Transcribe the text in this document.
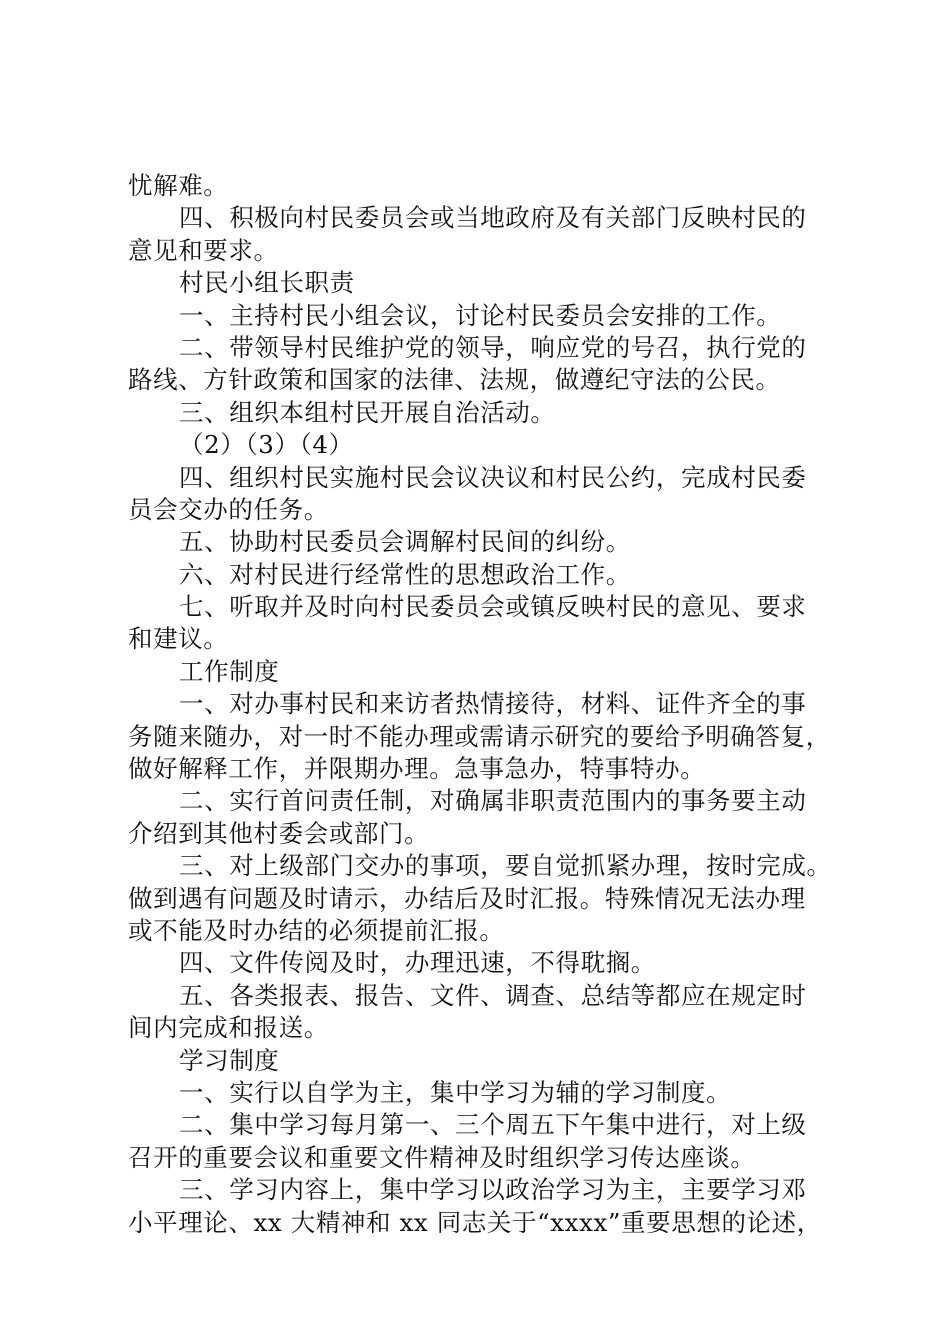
忧解难。
四、积极向村民委员会或当地政府及有关部门反映村民的
意见和要求。
村民小组长职责
一、主持村民小组会议，讨论村民委员会安排的工作。
二、带领导村民维护党的领导，响应党的号召，执行党的
路线、方针政策和国家的法律、法规，做遵纪守法的公民。
三、组织本组村民开展自治活动。
（2）（3）（4）
四、组织村民实施村民会议决议和村民公约，完成村民委
员会交办的任务。
五、协助村民委员会调解村民间的纠纷。
六、对村民进行经常性的思想政治工作。
七、听取并及时向村民委员会或镇反映村民的意见、要求
和建议。
工作制度
一、对办事村民和来访者热情接待，材料、证件齐全的事
务随来随办，对一时不能办理或需请示研究的要给予明确答复，
做好解释工作，并限期办理。急事急办，特事特办。
二、实行首问责任制，对确属非职责范围内的事务要主动
介绍到其他村委会或部门。
三、对上级部门交办的事项，要自觉抓紧办理，按时完成。
做到遇有问题及时请示，办结后及时汇报。特殊情况无法办理
或不能及时办结的必须提前汇报。
四、文件传阅及时，办理迅速，不得耽搁。
五、各类报表、报告、文件、调查、总结等都应在规定时
间内完成和报送。
学习制度
一、实行以自学为主，集中学习为辅的学习制度。
二、集中学习每月第一、三个周五下午集中进行，对上级
召开的重要会议和重要文件精神及时组织学习传达座谈。
三、学习内容上，集中学习以政治学习为主，主要学习邓
小平理论、xx 大精神和 xx 同志关于“xxxx”重要思想的论述，
